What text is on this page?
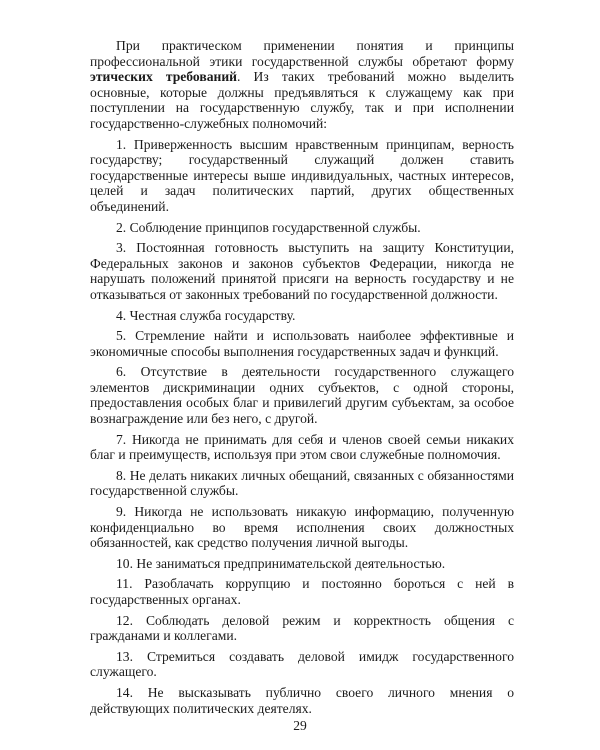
При практическом применении понятия и принципы профессиональной этики государственной службы обретают форму этических требований. Из таких требований можно выделить основные, которые должны предъявляться к служащему как при поступлении на государственную службу, так и при исполнении государственно-служебных полномочий:

1. Приверженность высшим нравственным принципам, верность государству; государственный служащий должен ставить государственные интересы выше индивидуальных, частных интересов, целей и задач политических партий, других общественных объединений.

2. Соблюдение принципов государственной службы.

3. Постоянная готовность выступить на защиту Конституции, Федеральных законов и законов субъектов Федерации, никогда не нарушать положений принятой присяги на верность государству и не отказываться от законных требований по государственной должности.

4. Честная служба государству.

5. Стремление найти и использовать наиболее эффективные и экономичные способы выполнения государственных задач и функций.

6. Отсутствие в деятельности государственного служащего элементов дискриминации одних субъектов, с одной стороны, предоставления особых благ и привилегий другим субъектам, за особое вознаграждение или без него, с другой.

7. Никогда не принимать для себя и членов своей семьи никаких благ и преимуществ, используя при этом свои служебные полномочия.

8. Не делать никаких личных обещаний, связанных с обязанностями государственной службы.

9. Никогда не использовать никакую информацию, полученную конфиденциально во время исполнения своих должностных обязанностей, как средство получения личной выгоды.

10. Не заниматься предпринимательской деятельностью.

11. Разоблачать коррупцию и постоянно бороться с ней в государственных органах.

12. Соблюдать деловой режим и корректность общения с гражданами и коллегами.

13. Стремиться создавать деловой имидж государственного служащего.

14. Не высказывать публично своего личного мнения о действующих политических деятелях.

29
